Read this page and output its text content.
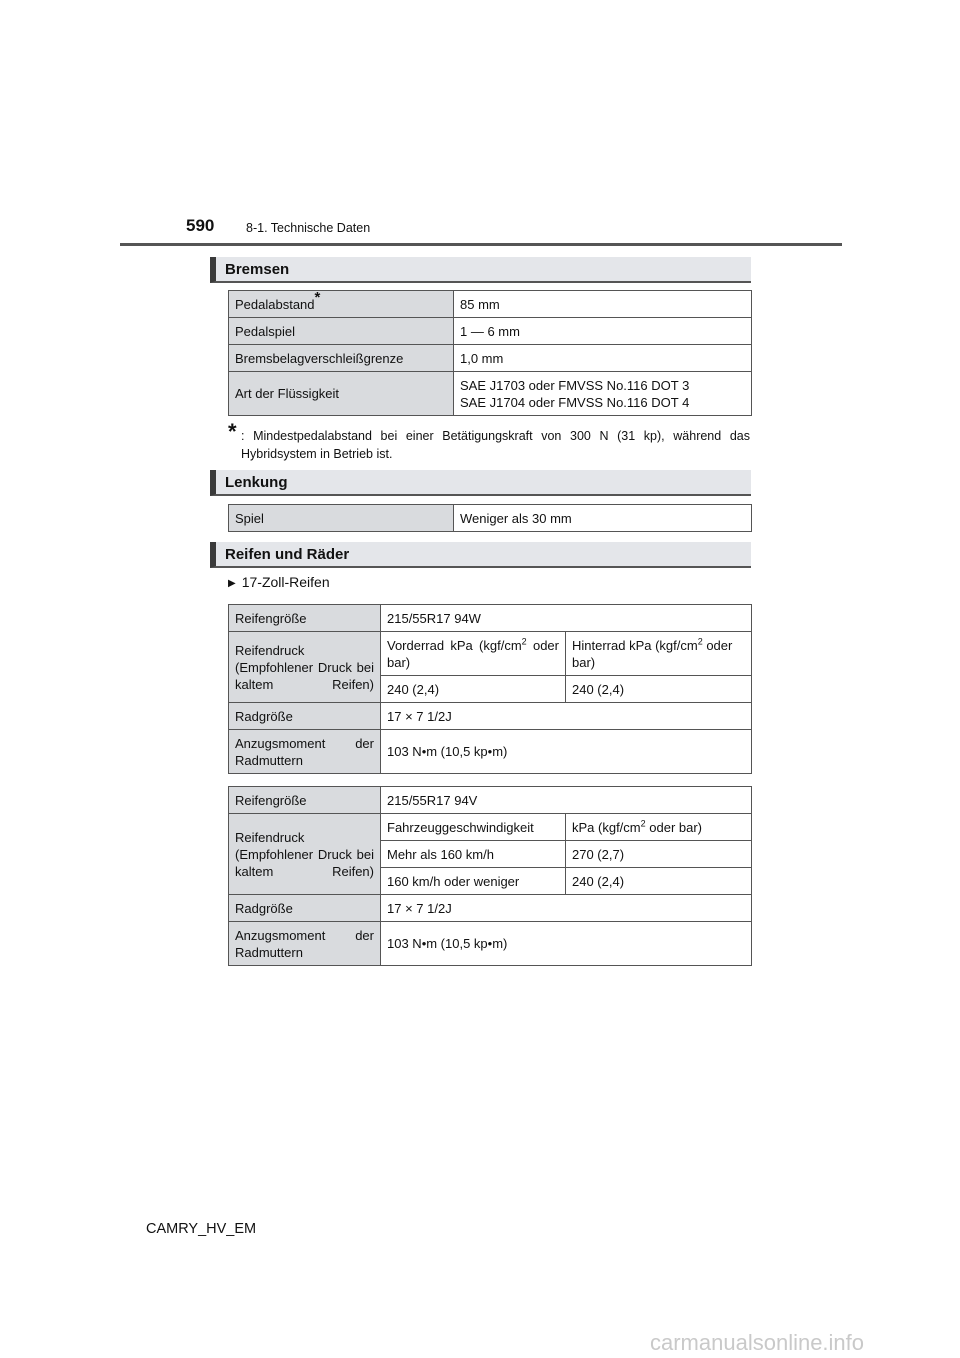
590	8-1. Technische Daten
Bremsen
Pedalabstand*	85 mm
Pedalspiel	1 — 6 mm
Bremsbelagverschleißgrenze	1,0 mm
Art der Flüssigkeit	SAE J1703 oder FMVSS No.116 DOT 3
SAE J1704 oder FMVSS No.116 DOT 4
* : Mindestpedalabstand bei einer Betätigungskraft von 300 N (31 kp), während das Hybridsystem in Betrieb ist.
Lenkung
Spiel	Weniger als 30 mm
Reifen und Räder
▶ 17-Zoll-Reifen
Reifengröße	215/55R17 94W	

Reifendruck (Empfohlener Druck bei kaltem Reifen)	Vorderrad kPa ($kgf/cm^2$ oder bar)	Hinterrad kPa ($kgf/cm^2$ oder bar)
	240 (2,4)	240 (2,4)
Radgröße	17 × 7 1/2J	

Anzugsmoment der Radmuttern	103 N•m (10,5 kp•m)	
Reifengröße	215/55R17 94V	

Reifendruck (Empfohlener Druck bei kaltem Reifen)	Fahrzeuggeschwindigkeit	kPa ($kgf/cm^2$ oder bar)
	Mehr als 160 km/h	270 (2,7)
	160 km/h oder weniger	240 (2,4)
Radgröße	17 × 7 1/2J	

Anzugsmoment der Radmuttern	103 N•m (10,5 kp•m)	
CAMRY_HV_EM
carmanualsonline.info
